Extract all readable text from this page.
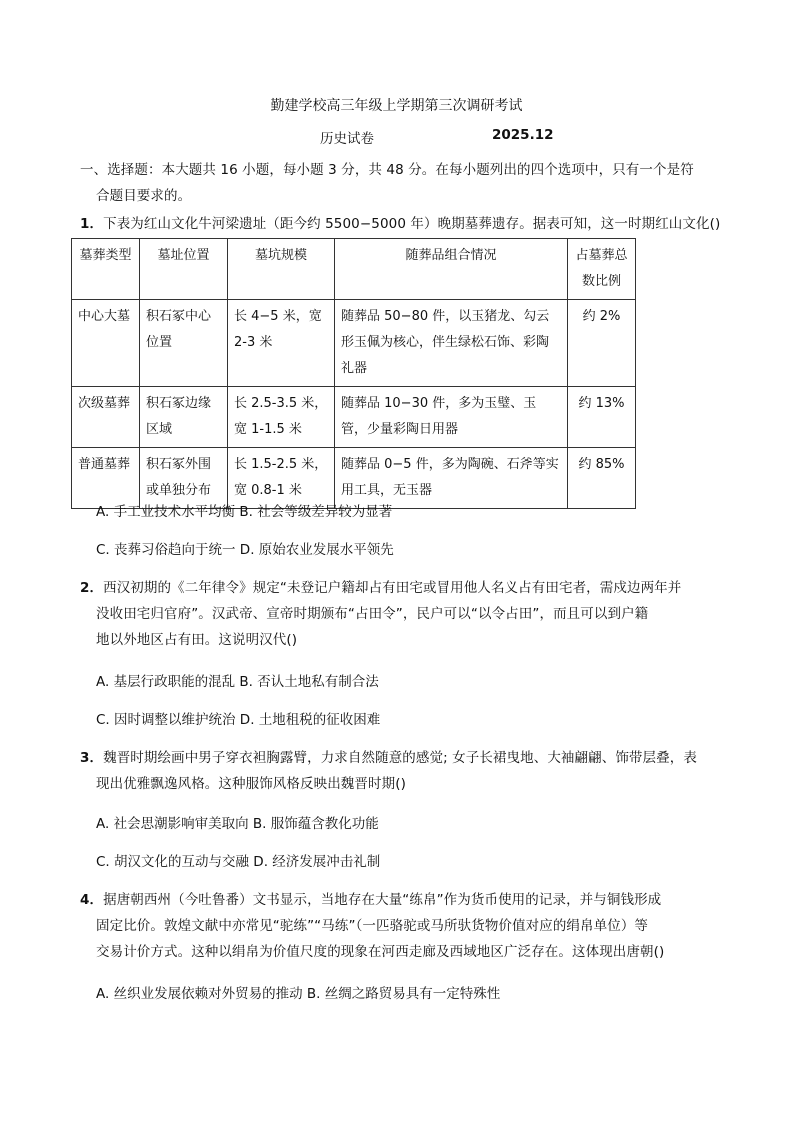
勤建学校高三年级上学期第三次调研考试
历史试卷	2025.12
一、选择题：本大题共 16 小题，每小题 3 分，共 48 分。在每小题列出的四个选项中，只有一个是符
合题目要求的。
1．下表为红山文化牛河梁遗址（距今约 5500−5000 年）晚期墓葬遗存。据表可知，这一时期红山文化()
墓葬类型	墓址位置	墓坑规模	随葬品组合情况	占墓葬总数比例
中心大墓	积石冢中心位置	长 4−5 米，宽 2-3 米	随葬品 50−80 件，以玉猪龙、勾云形玉佩为核心，伴生绿松石饰、彩陶礼器	约 2%
次级墓葬	积石冢边缘区域	长 2.5-3.5 米，宽 1-1.5 米	随葬品 10−30 件，多为玉璧、玉管，少量彩陶日用器	约 13%
普通墓葬	积石冢外围或单独分布	长 1.5-2.5 米，宽 0.8-1 米	随葬品 0−5 件，多为陶碗、石斧等实用工具，无玉器	约 85%
A. 手工业技术水平均衡 B. 社会等级差异较为显著
C. 丧葬习俗趋向于统一 D. 原始农业发展水平领先
2．西汉初期的《二年律令》规定“未登记户籍却占有田宅或冒用他人名义占有田宅者，需戍边两年并
没收田宅归官府”。汉武帝、宣帝时期颁布“占田令”，民户可以“以令占田”，而且可以到户籍
地以外地区占有田。这说明汉代()
A. 基层行政职能的混乱 B. 否认土地私有制合法
C. 因时调整以维护统治 D. 土地租税的征收困难
3．魏晋时期绘画中男子穿衣袒胸露臂，力求自然随意的感觉; 女子长裙曳地、大袖翩翩、饰带层叠，表
现出优雅飘逸风格。这种服饰风格反映出魏晋时期()
A. 社会思潮影响审美取向 B. 服饰蕴含教化功能
C. 胡汉文化的互动与交融 D. 经济发展冲击礼制
4．据唐朝西州（今吐鲁番）文书显示，当地存在大量“练帛”作为货币使用的记录，并与铜钱形成
固定比价。敦煌文献中亦常见“驼练”“马练”（一匹骆驼或马所驮货物价值对应的绢帛单位）等
交易计价方式。这种以绢帛为价值尺度的现象在河西走廊及西域地区广泛存在。这体现出唐朝()
A. 丝织业发展依赖对外贸易的推动 B. 丝绸之路贸易具有一定特殊性
